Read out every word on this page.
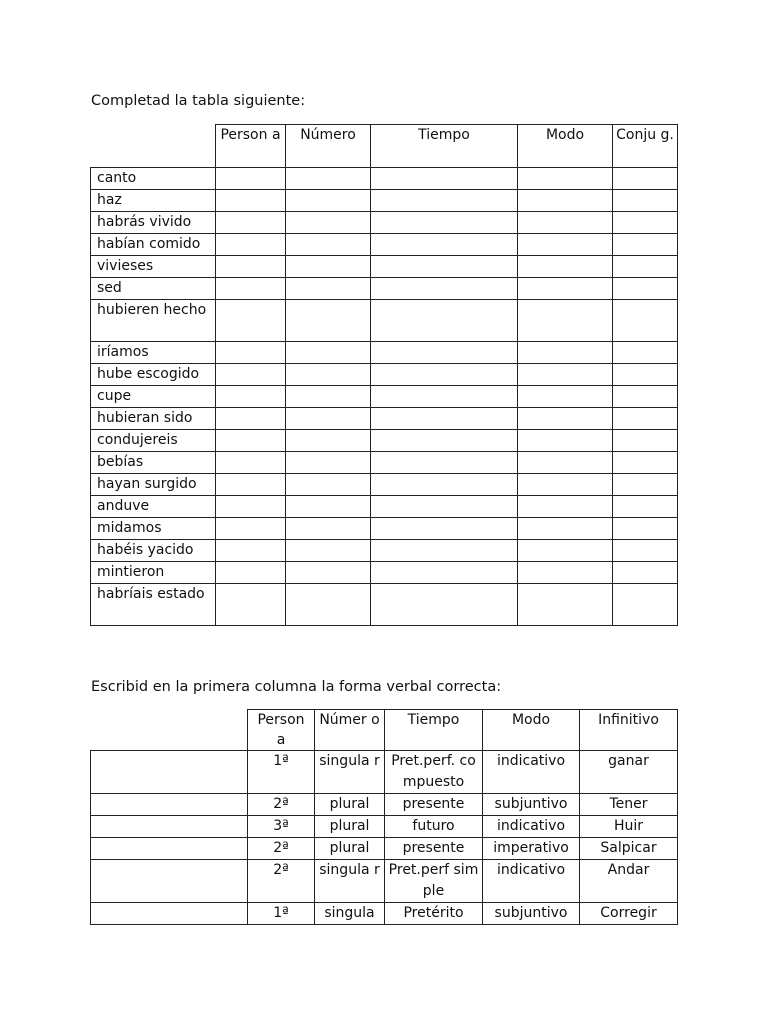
Completad la tabla siguiente:

	Person a	Número	Tiempo	Modo	Conju g.
canto					
haz					
habrás vivido					
habían comido					
vivieses					
sed					
hubieren hecho					
iríamos					
hube escogido					
cupe					
hubieran sido					
condujereis					
bebías					
hayan surgido					
anduve					
midamos					
habéis yacido					
mintieron					
habríais estado					

Escribid en la primera columna la forma verbal correcta:

	Person a	Númer o	Tiempo	Modo	Infinitivo
	1ª	singula r	Pret.perf. compuesto	indicativo	ganar
	2ª	plural	presente	subjuntivo	Tener
	3ª	plural	futuro	indicativo	Huir
	2ª	plural	presente	imperativo	Salpicar
	2ª	singula r	Pret.perf simple	indicativo	Andar
	1ª	singula	Pretérito	subjuntivo	Corregir
